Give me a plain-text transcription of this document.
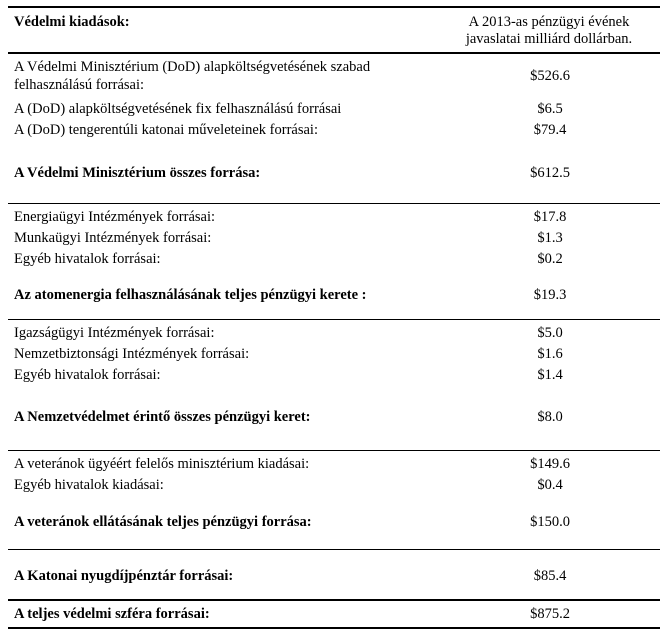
Védelmi kiadások:	A 2013-as pénzügyi évének javaslatai milliárd dollárban.
A Védelmi Minisztérium (DoD) alapköltségvetésének szabad
felhasználású forrásai:
$526.6
A (DoD) alapköltségvetésének fix felhasználású forrásai	$6.5
A (DoD) tengerentúli katonai műveleteinek forrásai:	$79.4
A Védelmi Minisztérium összes forrása:	$612.5
Energiaügyi Intézmények forrásai:	$17.8
Munkaügyi Intézmények forrásai:	$1.3
Egyéb hivatalok forrásai:	$0.2
Az atomenergia felhasználásának teljes pénzügyi kerete :	$19.3
Igazságügyi Intézmények forrásai:	$5.0
Nemzetbiztonsági Intézmények forrásai:	$1.6
Egyéb hivatalok forrásai:	$1.4
A Nemzetvédelmet érintő összes pénzügyi keret:	$8.0
A veteránok ügyéért felelős minisztérium kiadásai:	$149.6
Egyéb hivatalok kiadásai:	$0.4
A veteránok ellátásának teljes pénzügyi forrása:	$150.0
A Katonai nyugdíjpénztár forrásai:	$85.4
A teljes védelmi szféra forrásai:	$875.2
